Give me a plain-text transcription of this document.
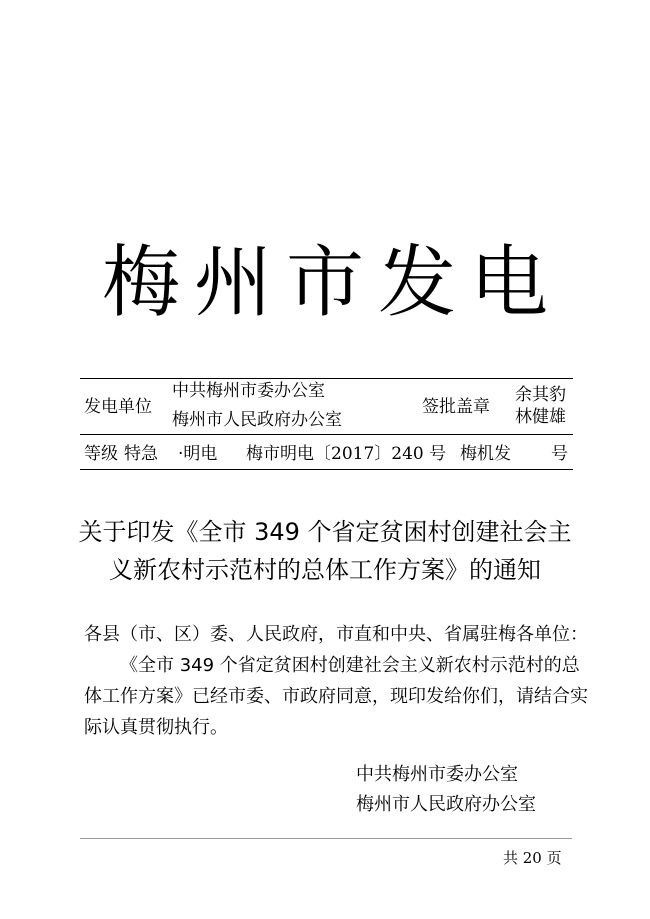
梅州市发电
发电单位
中共梅州市委办公室
梅州市人民政府办公室
签批盖章
余其豹
林健雄
等级 特急 ·明电 梅市明电〔2017〕240 号 梅机发 号
关于印发《全市 349 个省定贫困村创建社会主
义新农村示范村的总体工作方案》的通知
各县（市、区）委、人民政府，市直和中央、省属驻梅各单位：
《全市 349 个省定贫困村创建社会主义新农村示范村的总
体工作方案》已经市委、市政府同意，现印发给你们，请结合实
际认真贯彻执行。
中共梅州市委办公室
梅州市人民政府办公室
共 20 页
